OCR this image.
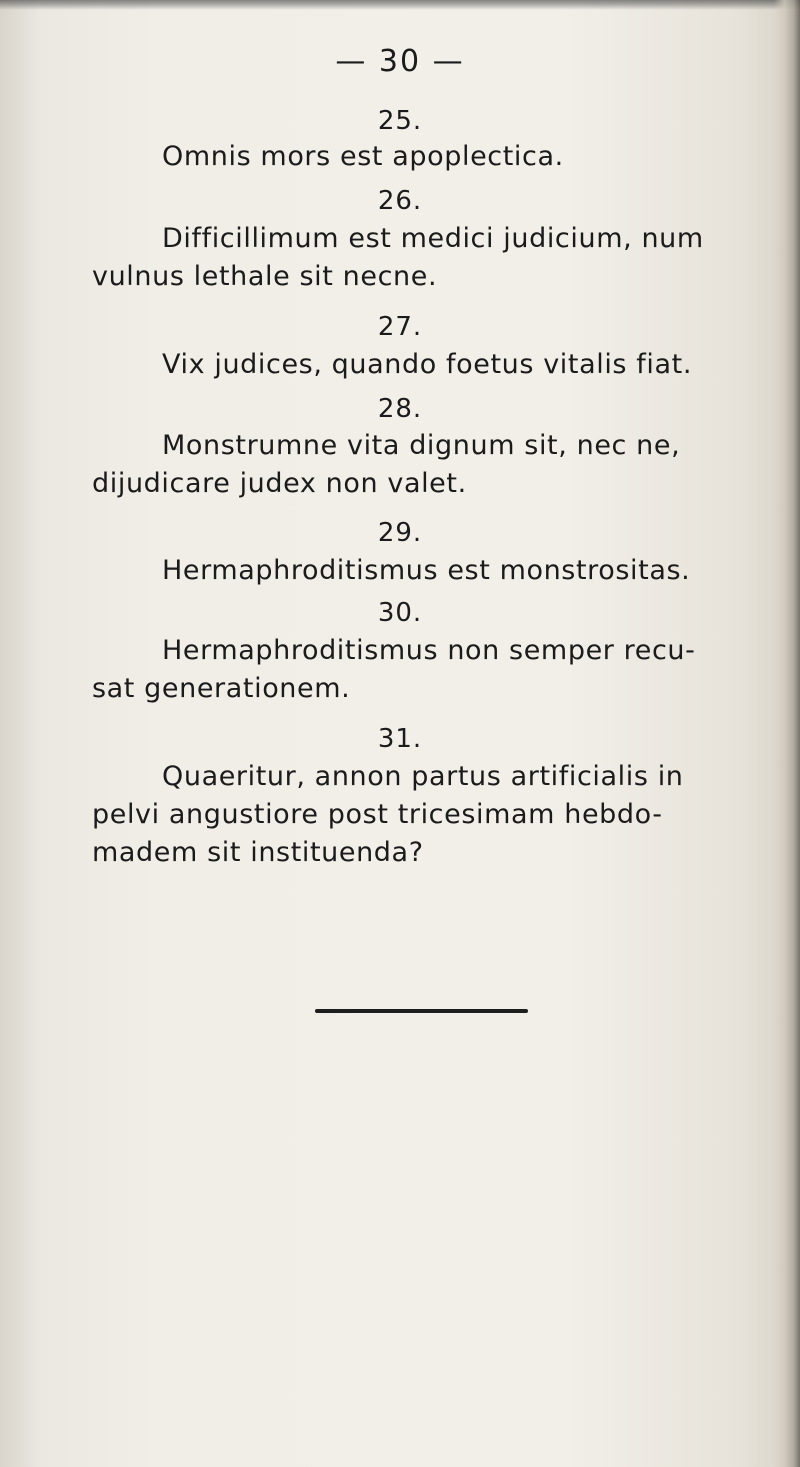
— 30 —
25.
Omnis mors est apoplectica.
26.
Difficillimum est medici judicium, num
vulnus lethale sit necne.
27.
Vix judices, quando foetus vitalis fiat.
28.
Monstrumne vita dignum sit, nec ne,
dijudicare judex non valet.
29.
Hermaphroditismus est monstrositas.
30.
Hermaphroditismus non semper recu-
sat generationem.
31.
Quaeritur, annon partus artificialis in
pelvi angustiore post tricesimam hebdo-
madem sit instituenda?
